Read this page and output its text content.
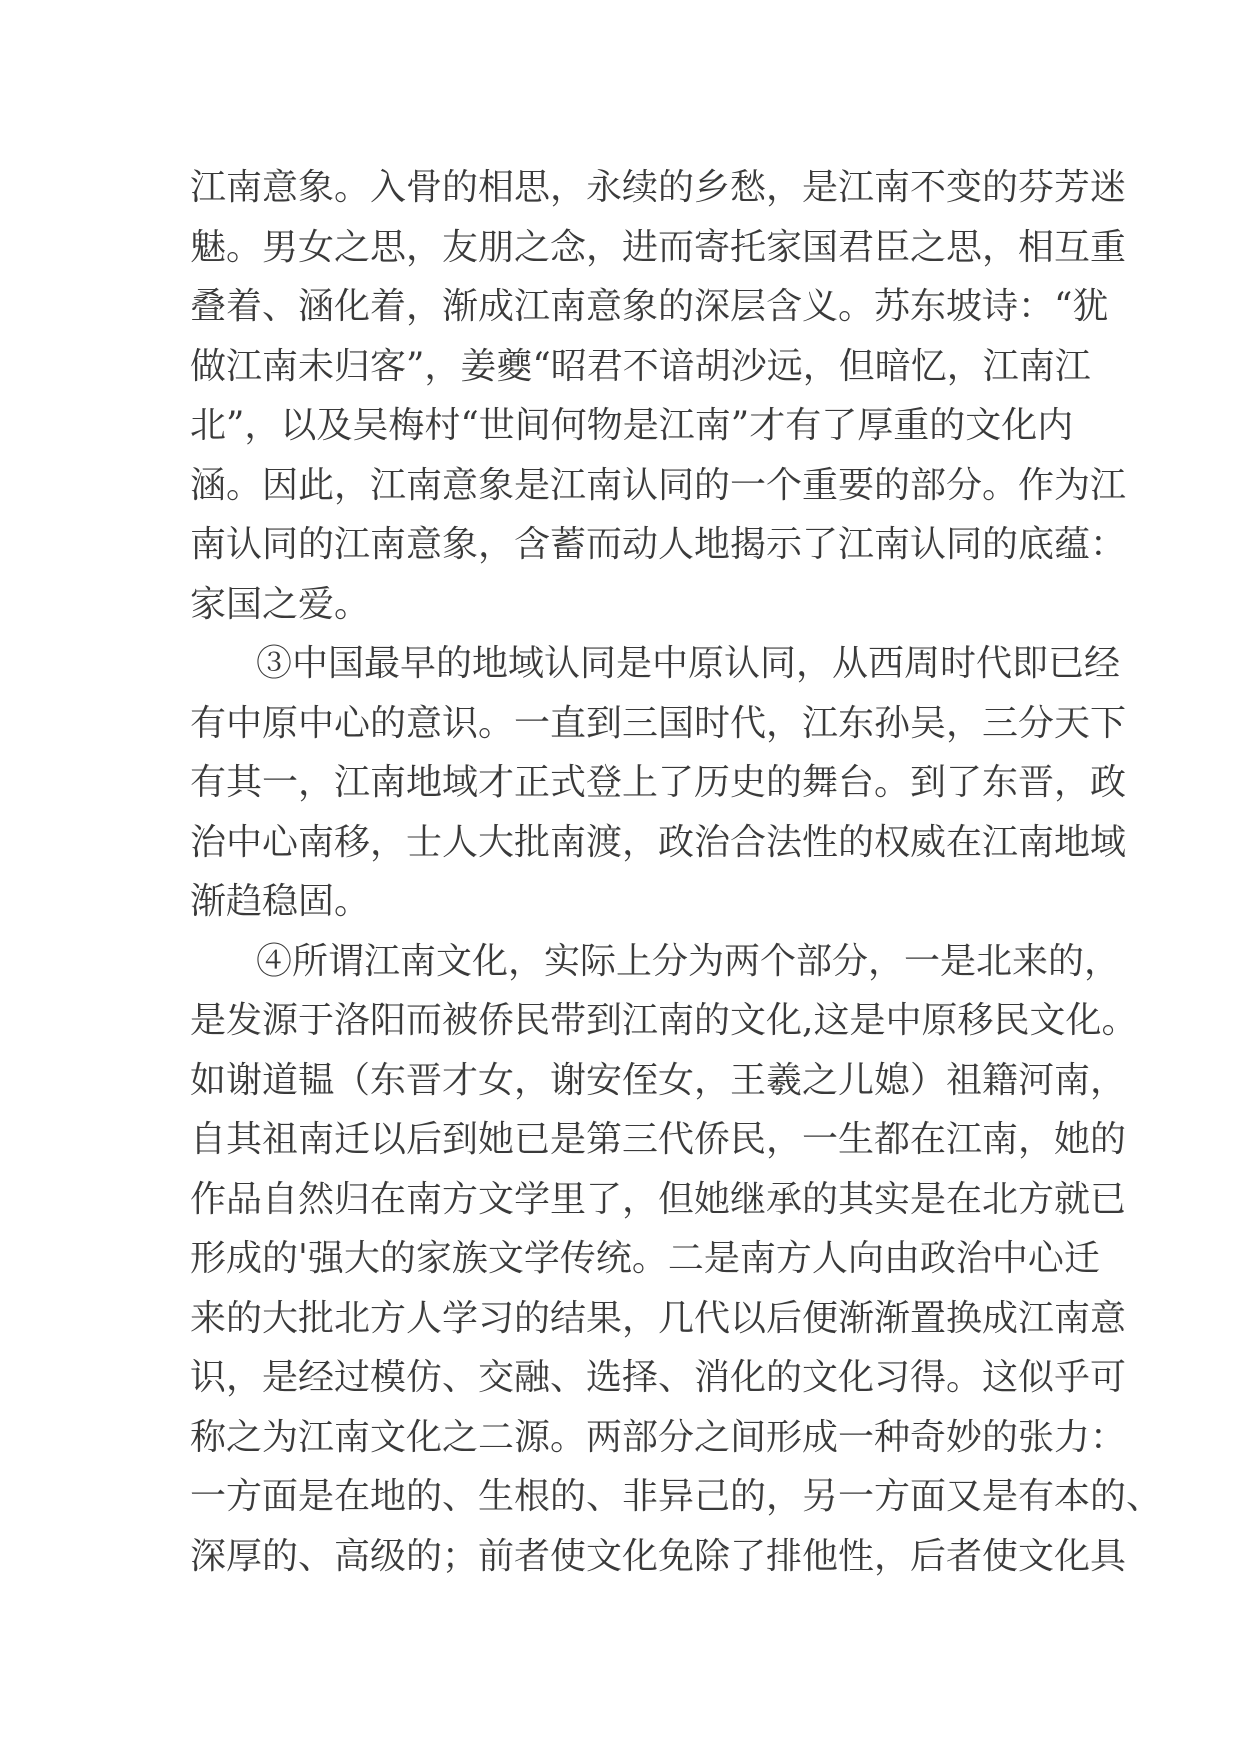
江南意象。入骨的相思，永续的乡愁，是江南不变的芬芳迷
魅。男女之思，友朋之念，进而寄托家国君臣之思，相互重
叠着、涵化着，渐成江南意象的深层含义。苏东坡诗：“犹
做江南未归客”，姜夔“昭君不谙胡沙远，但暗忆，江南江
北”，以及吴梅村“世间何物是江南”才有了厚重的文化内
涵。因此，江南意象是江南认同的一个重要的部分。作为江
南认同的江南意象，含蓄而动人地揭示了江南认同的底蕴：
家国之爱。
③中国最早的地域认同是中原认同，从西周时代即已经
有中原中心的意识。一直到三国时代，江东孙吴，三分天下
有其一，江南地域才正式登上了历史的舞台。到了东晋，政
治中心南移，士人大批南渡，政治合法性的权威在江南地域
渐趋稳固。
④所谓江南文化，实际上分为两个部分，一是北来的，
是发源于洛阳而被侨民带到江南的文化,这是中原移民文化。
如谢道韫（东晋才女，谢安侄女，王羲之儿媳）祖籍河南，
自其祖南迁以后到她已是第三代侨民，一生都在江南，她的
作品自然归在南方文学里了，但她继承的其实是在北方就已
形成的'强大的家族文学传统。二是南方人向由政治中心迁
来的大批北方人学习的结果，几代以后便渐渐置换成江南意
识，是经过模仿、交融、选择、消化的文化习得。这似乎可
称之为江南文化之二源。两部分之间形成一种奇妙的张力：
一方面是在地的、生根的、非异己的，另一方面又是有本的、
深厚的、高级的；前者使文化免除了排他性，后者使文化具
